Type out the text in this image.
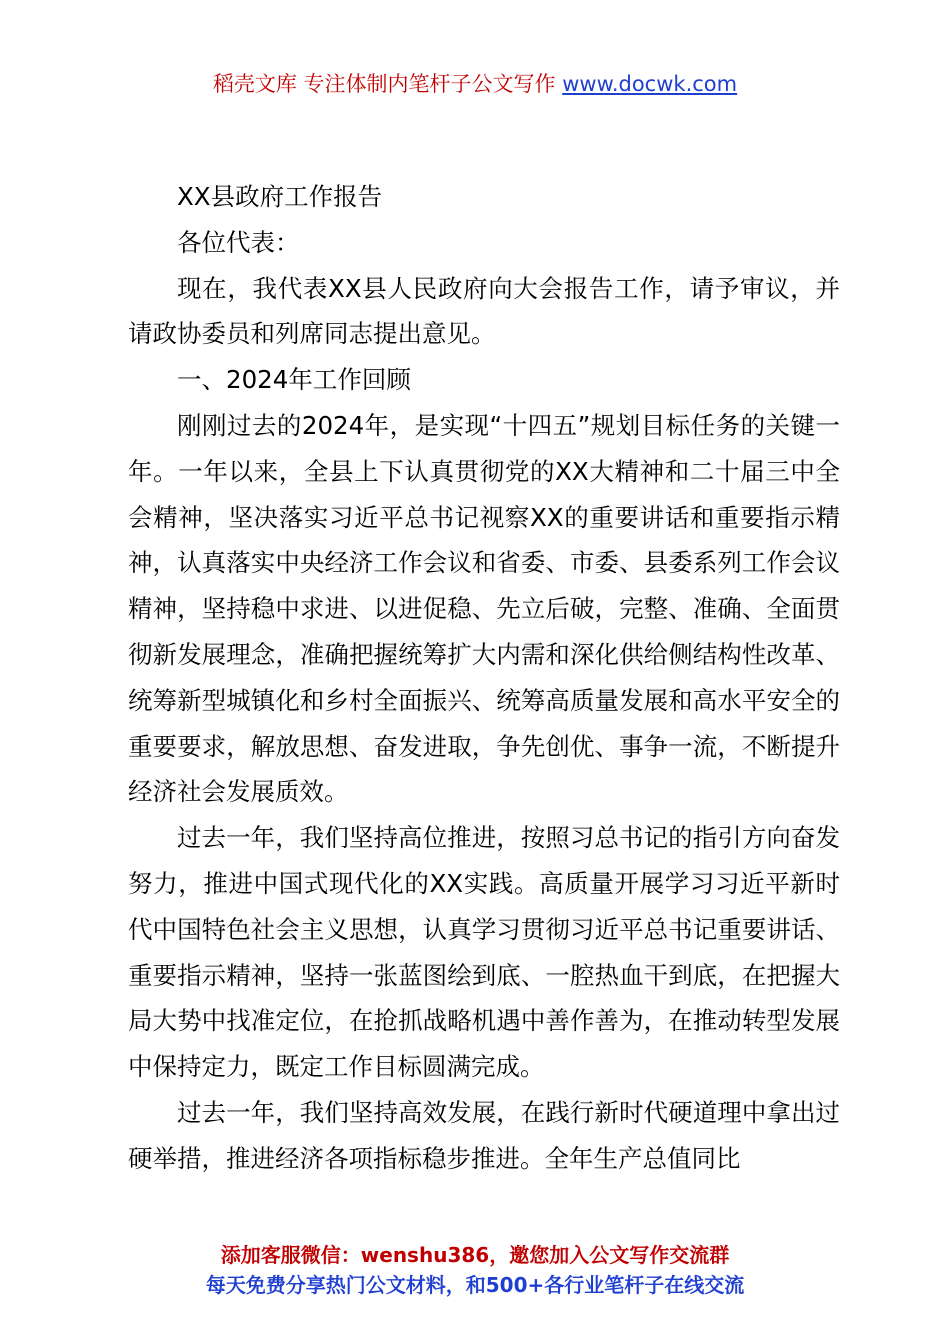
稻壳文库 专注体制内笔杆子公文写作 www.docwk.com

XX县政府工作报告

各位代表：

现在，我代表XX县人民政府向大会报告工作，请予审议，并请政协委员和列席同志提出意见。

一、2024年工作回顾

刚刚过去的2024年，是实现“十四五”规划目标任务的关键一年。一年以来，全县上下认真贯彻党的XX大精神和二十届三中全会精神，坚决落实习近平总书记视察XX的重要讲话和重要指示精神，认真落实中央经济工作会议和省委、市委、县委系列工作会议精神，坚持稳中求进、以进促稳、先立后破，完整、准确、全面贯彻新发展理念，准确把握统筹扩大内需和深化供给侧结构性改革、统筹新型城镇化和乡村全面振兴、统筹高质量发展和高水平安全的重要要求，解放思想、奋发进取，争先创优、事争一流，不断提升经济社会发展质效。

过去一年，我们坚持高位推进，按照习总书记的指引方向奋发努力，推进中国式现代化的XX实践。高质量开展学习习近平新时代中国特色社会主义思想，认真学习贯彻习近平总书记重要讲话、重要指示精神，坚持一张蓝图绘到底、一腔热血干到底，在把握大局大势中找准定位，在抢抓战略机遇中善作善为，在推动转型发展中保持定力，既定工作目标圆满完成。

过去一年，我们坚持高效发展，在践行新时代硬道理中拿出过硬举措，推进经济各项指标稳步推进。全年生产总值同比

添加客服微信：wenshu386，邀您加入公文写作交流群
每天免费分享热门公文材料，和500+各行业笔杆子在线交流
